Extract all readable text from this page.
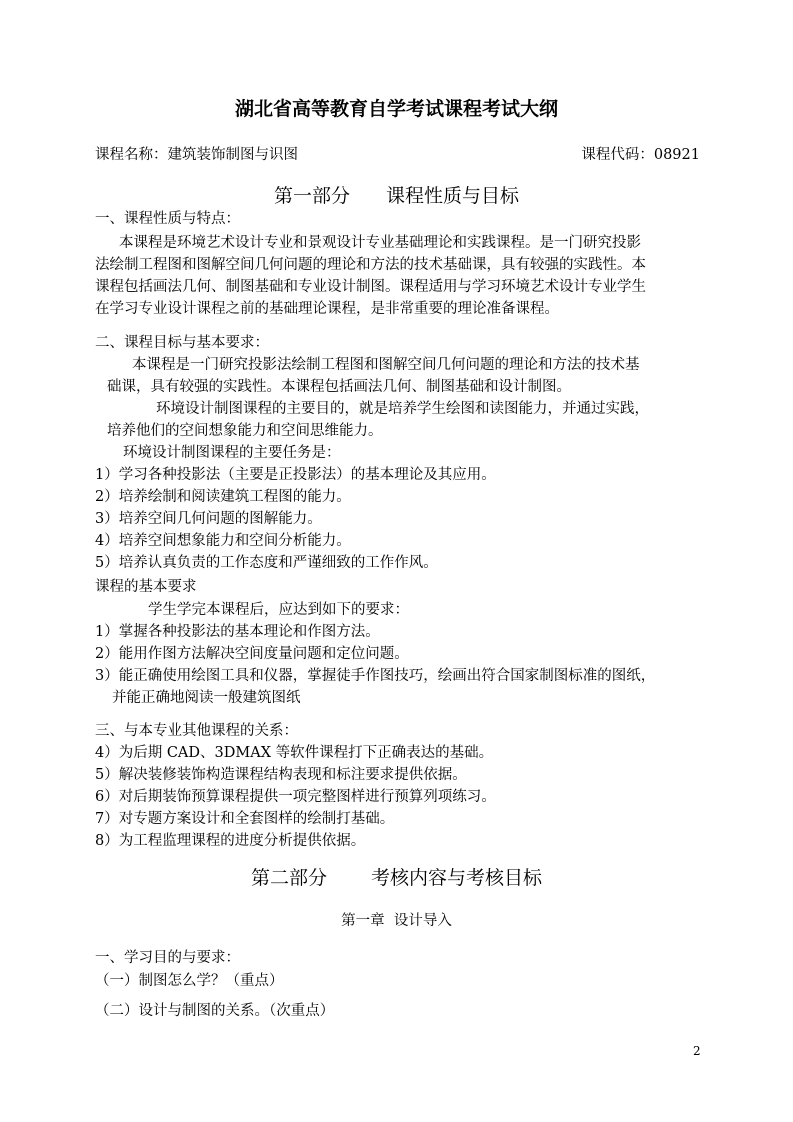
湖北省高等教育自学考试课程考试大纲
课程名称：建筑装饰制图与识图	课程代码：08921
第一部分 课程性质与目标
一、课程性质与特点：
本课程是环境艺术设计专业和景观设计专业基础理论和实践课程。是一门研究投影
法绘制工程图和图解空间几何问题的理论和方法的技术基础课，具有较强的实践性。本
课程包括画法几何、制图基础和专业设计制图。课程适用与学习环境艺术设计专业学生
在学习专业设计课程之前的基础理论课程，是非常重要的理论准备课程。
二、课程目标与基本要求：
本课程是一门研究投影法绘制工程图和图解空间几何问题的理论和方法的技术基
础课，具有较强的实践性。本课程包括画法几何、制图基础和设计制图。
环境设计制图课程的主要目的，就是培养学生绘图和读图能力，并通过实践，
培养他们的空间想象能力和空间思维能力。
环境设计制图课程的主要任务是：
1）学习各种投影法（主要是正投影法）的基本理论及其应用。
2）培养绘制和阅读建筑工程图的能力。
3）培养空间几何问题的图解能力。
4）培养空间想象能力和空间分析能力。
5）培养认真负责的工作态度和严谨细致的工作作风。
课程的基本要求
学生学完本课程后，应达到如下的要求：
1）掌握各种投影法的基本理论和作图方法。
2）能用作图方法解决空间度量问题和定位问题。
3）能正确使用绘图工具和仪器，掌握徒手作图技巧，绘画出符合国家制图标准的图纸，
并能正确地阅读一般建筑图纸
三、与本专业其他课程的关系：
4）为后期 CAD、3DMAX 等软件课程打下正确表达的基础。
5）解决装修装饰构造课程结构表现和标注要求提供依据。
6）对后期装饰预算课程提供一项完整图样进行预算列项练习。
7）对专题方案设计和全套图样的绘制打基础。
8）为工程监理课程的进度分析提供依据。
第二部分 考核内容与考核目标
第一章  设计导入
一、学习目的与要求：
（一）制图怎么学？（重点）
（二）设计与制图的关系。（次重点）
2
